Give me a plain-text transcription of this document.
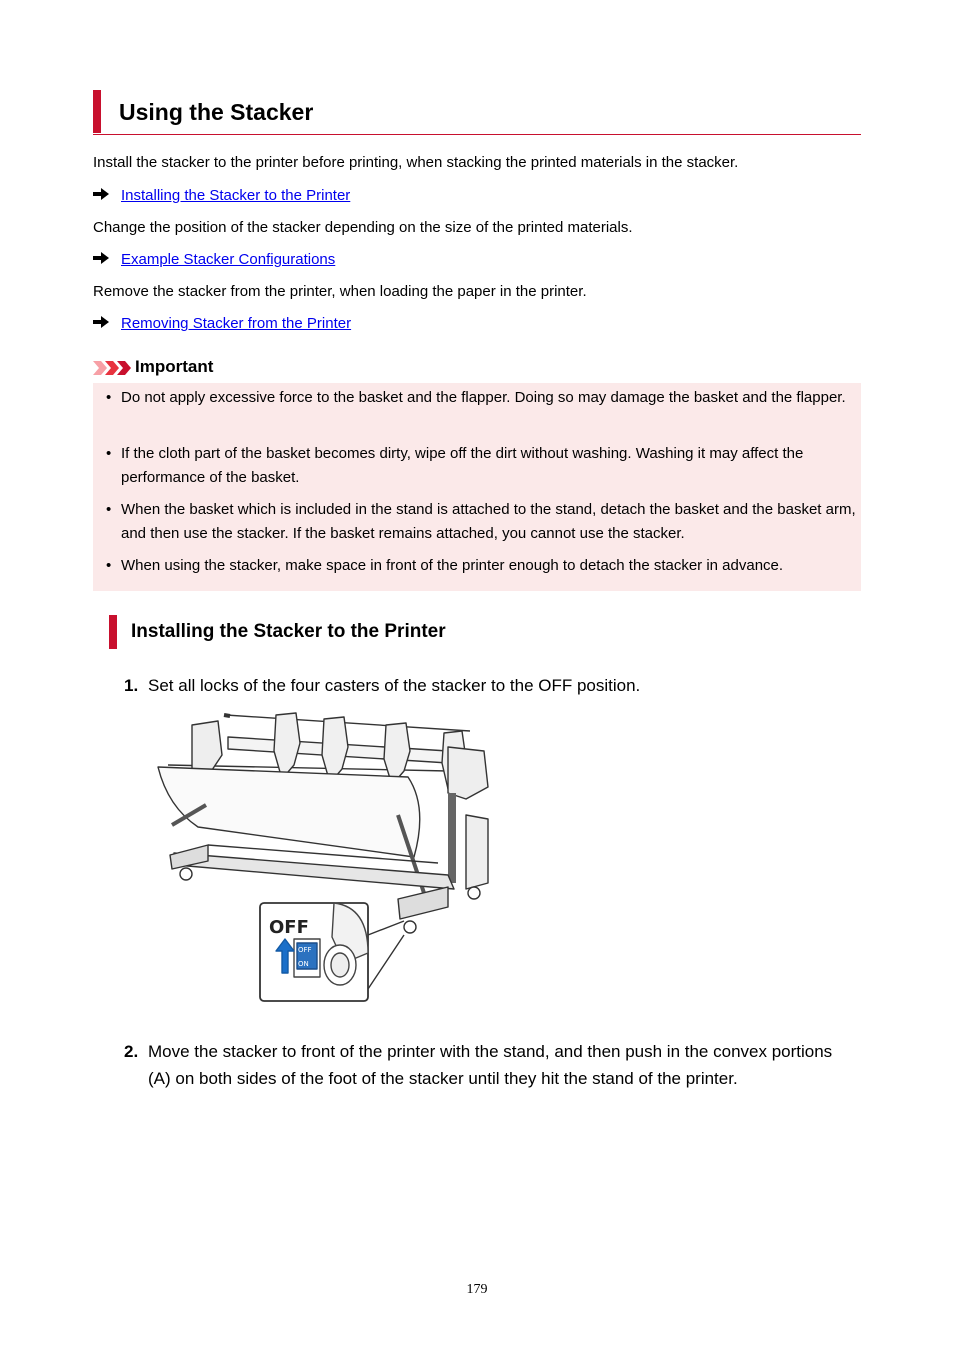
Using the Stacker
Install the stacker to the printer before printing, when stacking the printed materials in the stacker.
Installing the Stacker to the Printer
Change the position of the stacker depending on the size of the printed materials.
Example Stacker Configurations
Remove the stacker from the printer, when loading the paper in the printer.
Removing Stacker from the Printer
Important
• Do not apply excessive force to the basket and the flapper. Doing so may damage the basket and the flapper.
• If the cloth part of the basket becomes dirty, wipe off the dirt without washing. Washing it may affect the performance of the basket.
• When the basket which is included in the stand is attached to the stand, detach the basket and the basket arm, and then use the stacker. If the basket remains attached, you cannot use the stacker.
• When using the stacker, make space in front of the printer enough to detach the stacker in advance.
Installing the Stacker to the Printer
1. Set all locks of the four casters of the stacker to the OFF position.
OFF
ON
OFF
2. Move the stacker to front of the printer with the stand, and then push in the convex portions (A) on both sides of the foot of the stacker until they hit the stand of the printer.
179
